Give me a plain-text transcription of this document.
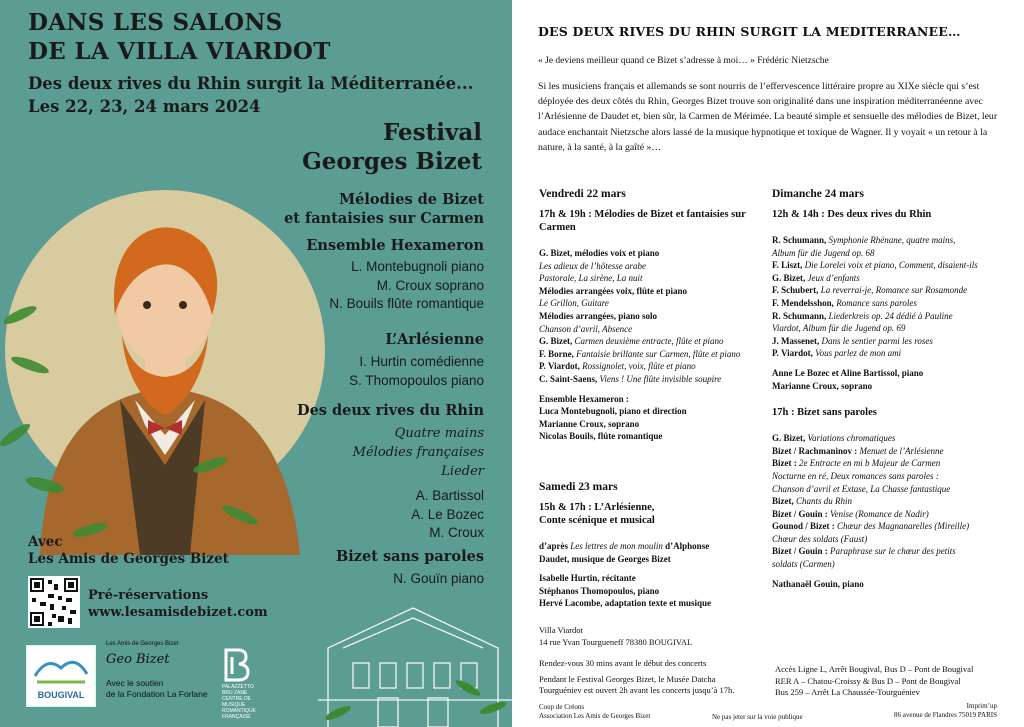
DANS LES SALONS
DE LA VILLA VIARDOT
Des deux rives du Rhin surgit la Méditerranée...
Les 22, 23, 24 mars 2024
Festival
Georges Bizet
Mélodies de Bizet
et fantaisies sur Carmen
Ensemble Hexameron
L. Montebugnoli piano
M. Croux soprano
N. Bouils flûte romantique
L’Arlésienne
I. Hurtin comédienne
S. Thomopoulos piano
Des deux rives du Rhin
Quatre mains
Mélodies françaises
Lieder
A. Bartissol
A. Le Bozec
M. Croux
Bizet sans paroles
N. Gouïn piano
Avec
Les Amis de Georges Bizet
Pré-réservations
www.lesamisdebizet.com
BOUGIVAL
Les Amis de Georges Bizet
Geo Bizet
Avec le soutien
de la Fondation La Forlane
PALAZZETTO BRU ZANE CENTRE DE MUSIQUE ROMANTIQUE FRANÇAISE
DES DEUX RIVES DU RHIN SURGIT LA MEDITERRANEE…
« Je deviens meilleur quand ce Bizet s’adresse à moi… » Frédéric Nietzsche
Si les musiciens français et allemands se sont nourris de l’effervescence littéraire propre au XIXe siècle qui s’est déployée des deux côtés du Rhin, Georges Bizet trouve son originalité dans une inspiration méditerranéenne avec l’Arlésienne de Daudet et, bien sûr, la Carmen de Mérimée. La beauté simple et sensuelle des mélodies de Bizet, leur audace enchantait Nietzsche alors lassé de la musique hypnotique et toxique de Wagner. Il y voyait « un retour à la nature, à la santé, à la gaîté »…
Vendredi 22 mars
17h & 19h : Mélodies de Bizet et fantaisies sur Carmen
G. Bizet, mélodies voix et piano
Les adieux de l’hôtesse arabe
Pastorale, La sirène, La nuit
Mélodies arrangées voix, flûte et piano
Le Grillon, Guitare
Mélodies arrangées, piano solo
Chanson d’avril, Absence
G. Bizet, Carmen deuxième entracte, flûte et piano
F. Borne, Fantaisie brillante sur Carmen, flûte et piano
P. Viardot, Rossignolet, voix, flûte et piano
C. Saint-Saens, Viens ! Une flûte invisible soupire
Ensemble Hexameron :
Luca Montebugnoli, piano et direction
Marianne Croux, soprano
Nicolas Bouils, flûte romantique
Samedi 23 mars
15h & 17h : L’Arlésienne,
Conte scénique et musical
d’après Les lettres de mon moulin d’Alphonse
Daudet, musique de Georges Bizet
Isabelle Hurtin, récitante
Stéphanos Thomopoulos, piano
Hervé Lacombe, adaptation texte et musique
Dimanche 24 mars
12h & 14h : Des deux rives du Rhin
R. Schumann, Symphonie Rhénane, quatre mains,
Album für die Jugend op. 68
F. Liszt, Die Lorelei voix et piano, Comment, disaient-ils
G. Bizet, Jeux d’enfants
F. Schubert, La reverrai-je, Romance sur Rosamonde
F. Mendelsshon, Romance sans paroles
R. Schumann, Liederkreis op. 24 dédié à Pauline
Viardot, Album für die Jugend op. 69
J. Massenet, Dans le sentier parmi les roses
P. Viardot, Vous parlez de mon ami
Anne Le Bozec et Aline Bartissol, piano
Marianne Croux, soprano
17h : Bizet sans paroles
G. Bizet, Variations chromatiques
Bizet / Rachmaninov : Menuet de l’Arlésienne
Bizet : 2e Entracte en mi b Majeur de Carmen
Nocturne en ré, Deux romances sans paroles :
Chanson d’avril et Extase, La Chasse fantastique
Bizet, Chants du Rhin
Bizet / Gouin : Venise (Romance de Nadir)
Gounod / Bizet : Chœur des Magnanarelles (Mireille)
Chœur des soldats (Faust)
Bizet / Gouin : Paraphrase sur le chœur des petits
soldats (Carmen)
Nathanaël Gouin, piano
Villa Viardot
14 rue Yvan Tourgueneff 78380 BOUGIVAL
Rendez-vous 30 mins avant le début des concerts
Pendant le Festival Georges Bizet, le Musée Datcha
Tourguéniev est ouvert 2h avant les concerts jusqu’à 17h.
Accès Ligne L, Arrêt Bougival, Bus D – Pont de Bougival
RER A – Chatou-Croissy & Bus D – Pont de Bougival
Bus 259 – Arrêt La Chaussée-Tourguéniev
Coup de Créons
Association Les Amis de Georges Bizet	Ne pas jeter sur la voie publique
Imprim’up
86 avenue de Flandres 75019 PARIS
